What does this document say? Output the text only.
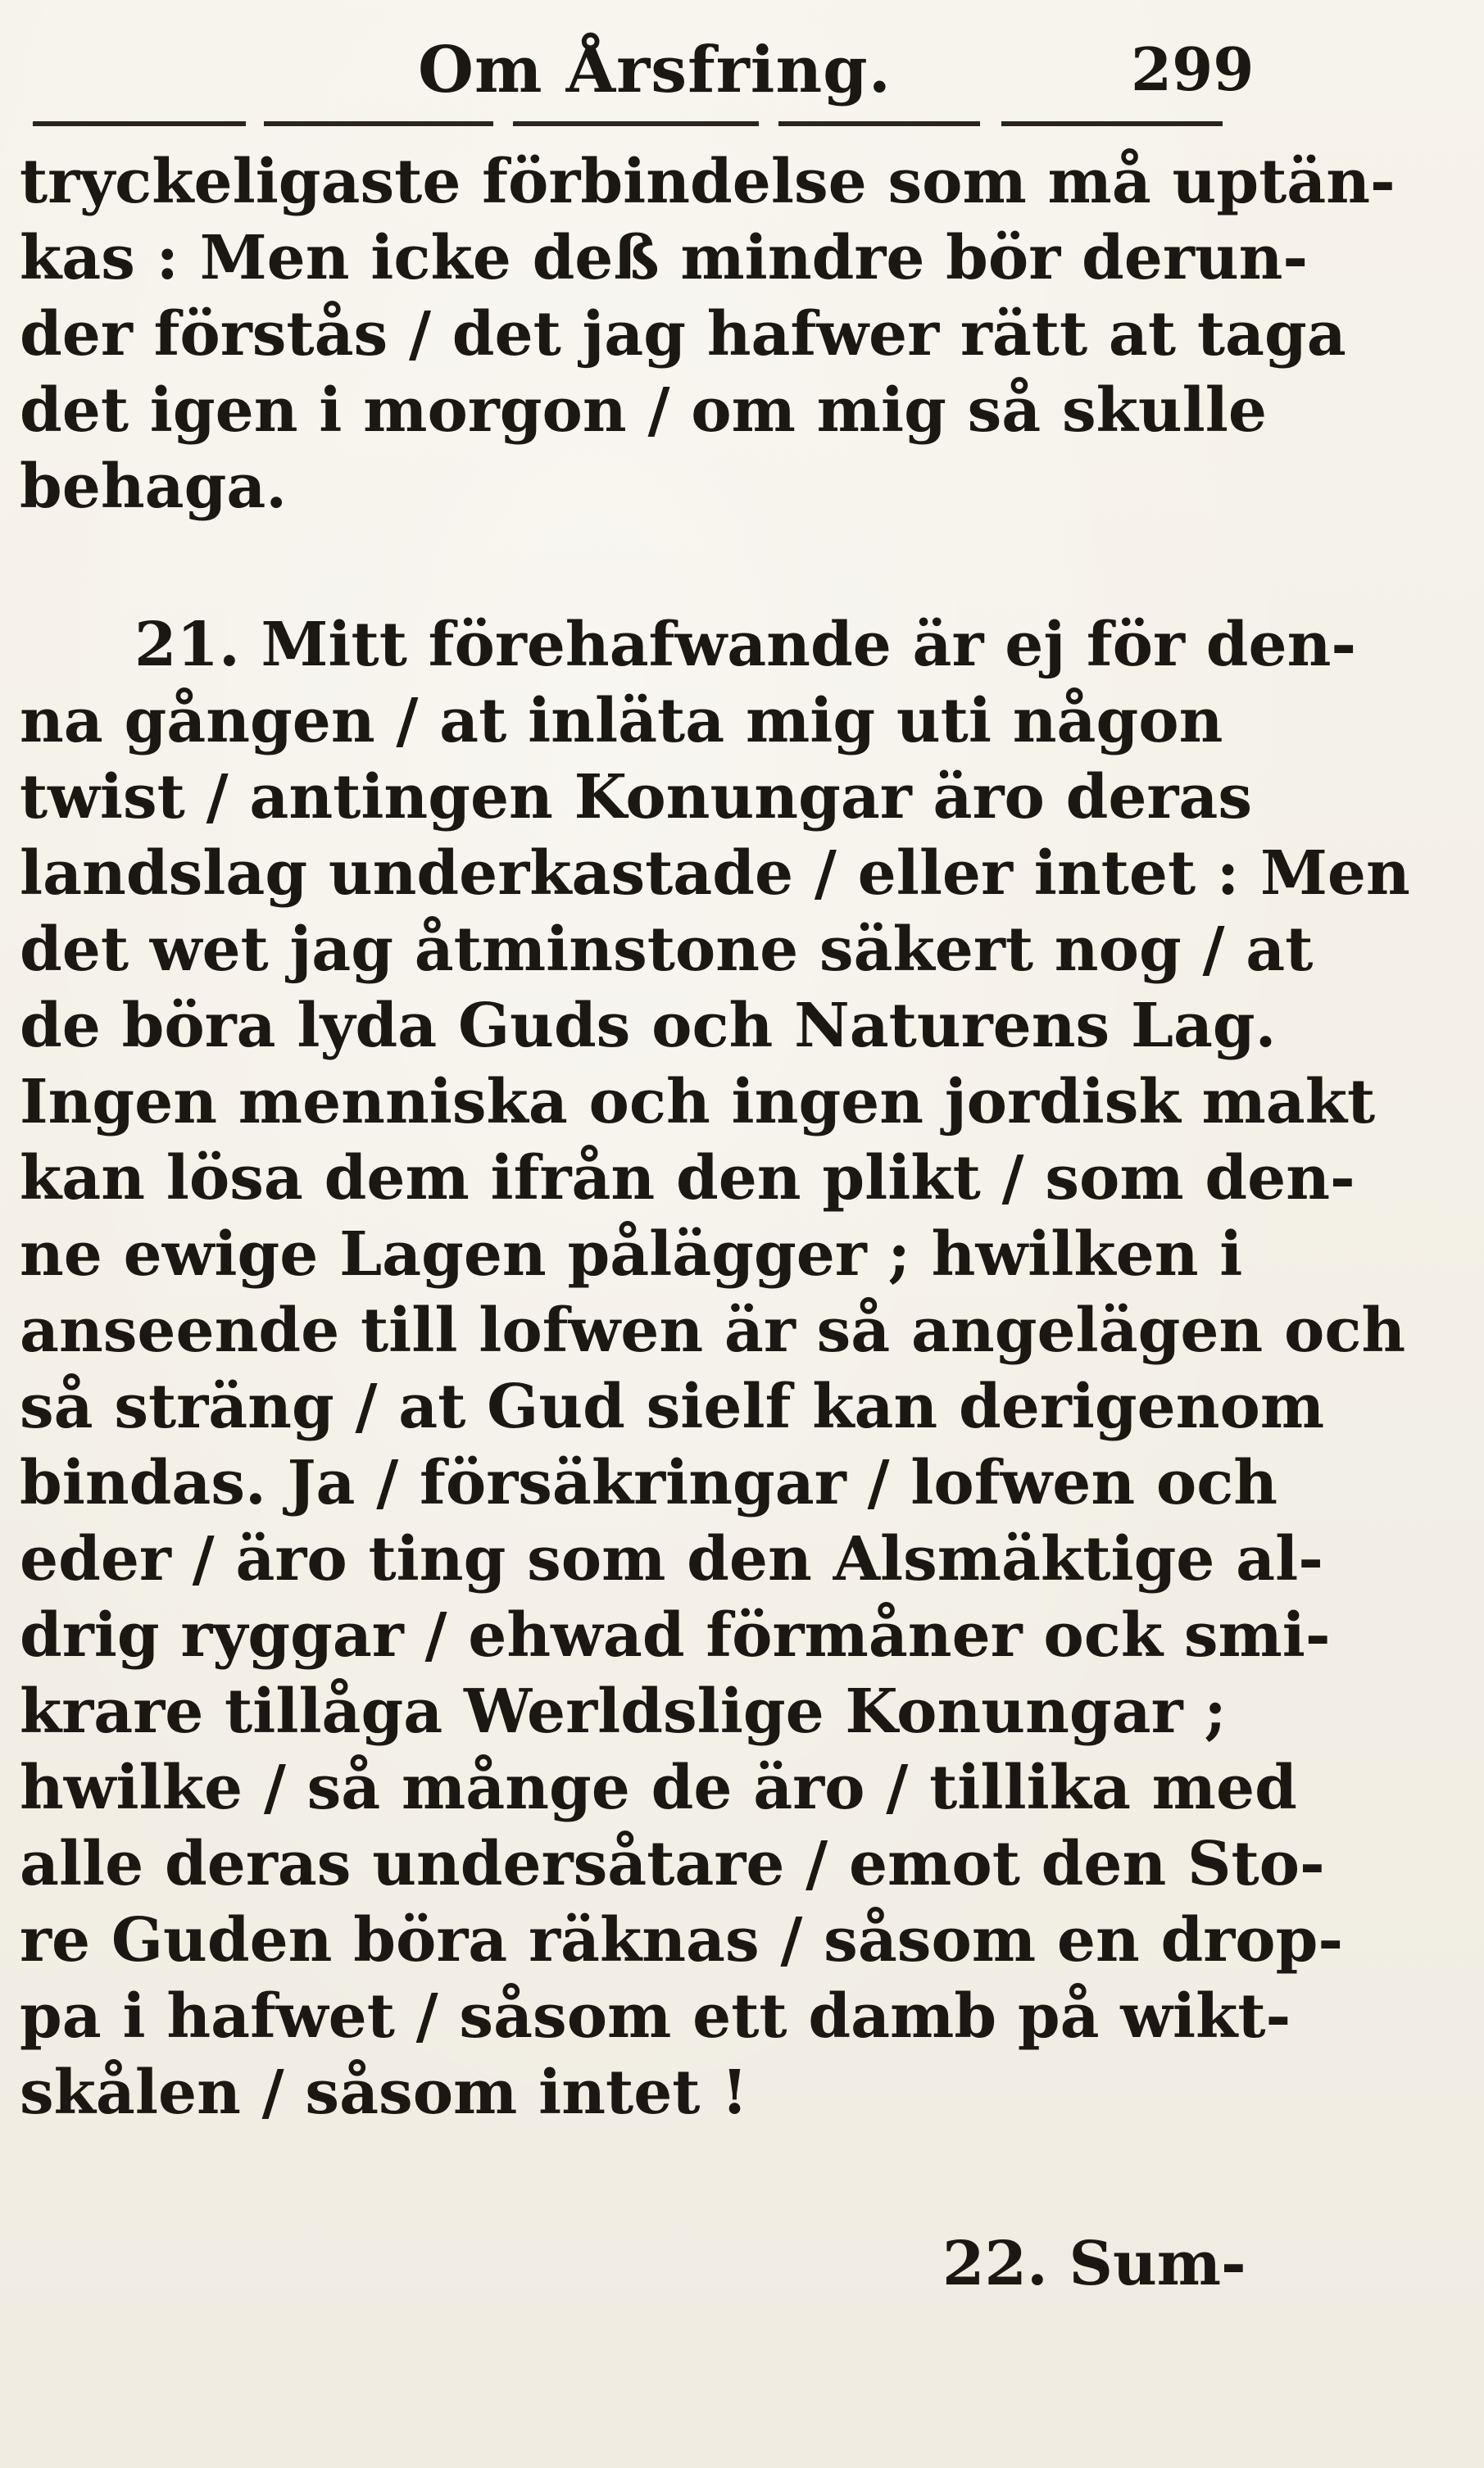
Om Årsfring.	299
tryckeligaste förbindelse som må uptän-
kas : Men icke deß mindre bör derun-
der förstås / det jag hafwer rätt at taga
det igen i morgon / om mig så skulle
behaga.
21. Mitt förehafwande är ej för den-
na gången / at inläta mig uti någon
twist / antingen Konungar äro deras
landslag underkastade / eller intet : Men
det wet jag åtminstone säkert nog / at
de böra lyda Guds och Naturens Lag.
Ingen menniska och ingen jordisk makt
kan lösa dem ifrån den plikt / som den-
ne ewige Lagen pålägger ; hwilken i
anseende till lofwen är så angelägen och
så sträng / at Gud sielf kan derigenom
bindas. Ja / försäkringar / lofwen och
eder / äro ting som den Alsmäktige al-
drig ryggar / ehwad förmåner ock smi-
krare tillåga Werldslige Konungar ;
hwilke / så månge de äro / tillika med
alle deras undersåtare / emot den Sto-
re Guden böra räknas / såsom en drop-
pa i hafwet / såsom ett damb på wikt-
skålen / såsom intet !
22. Sum-
